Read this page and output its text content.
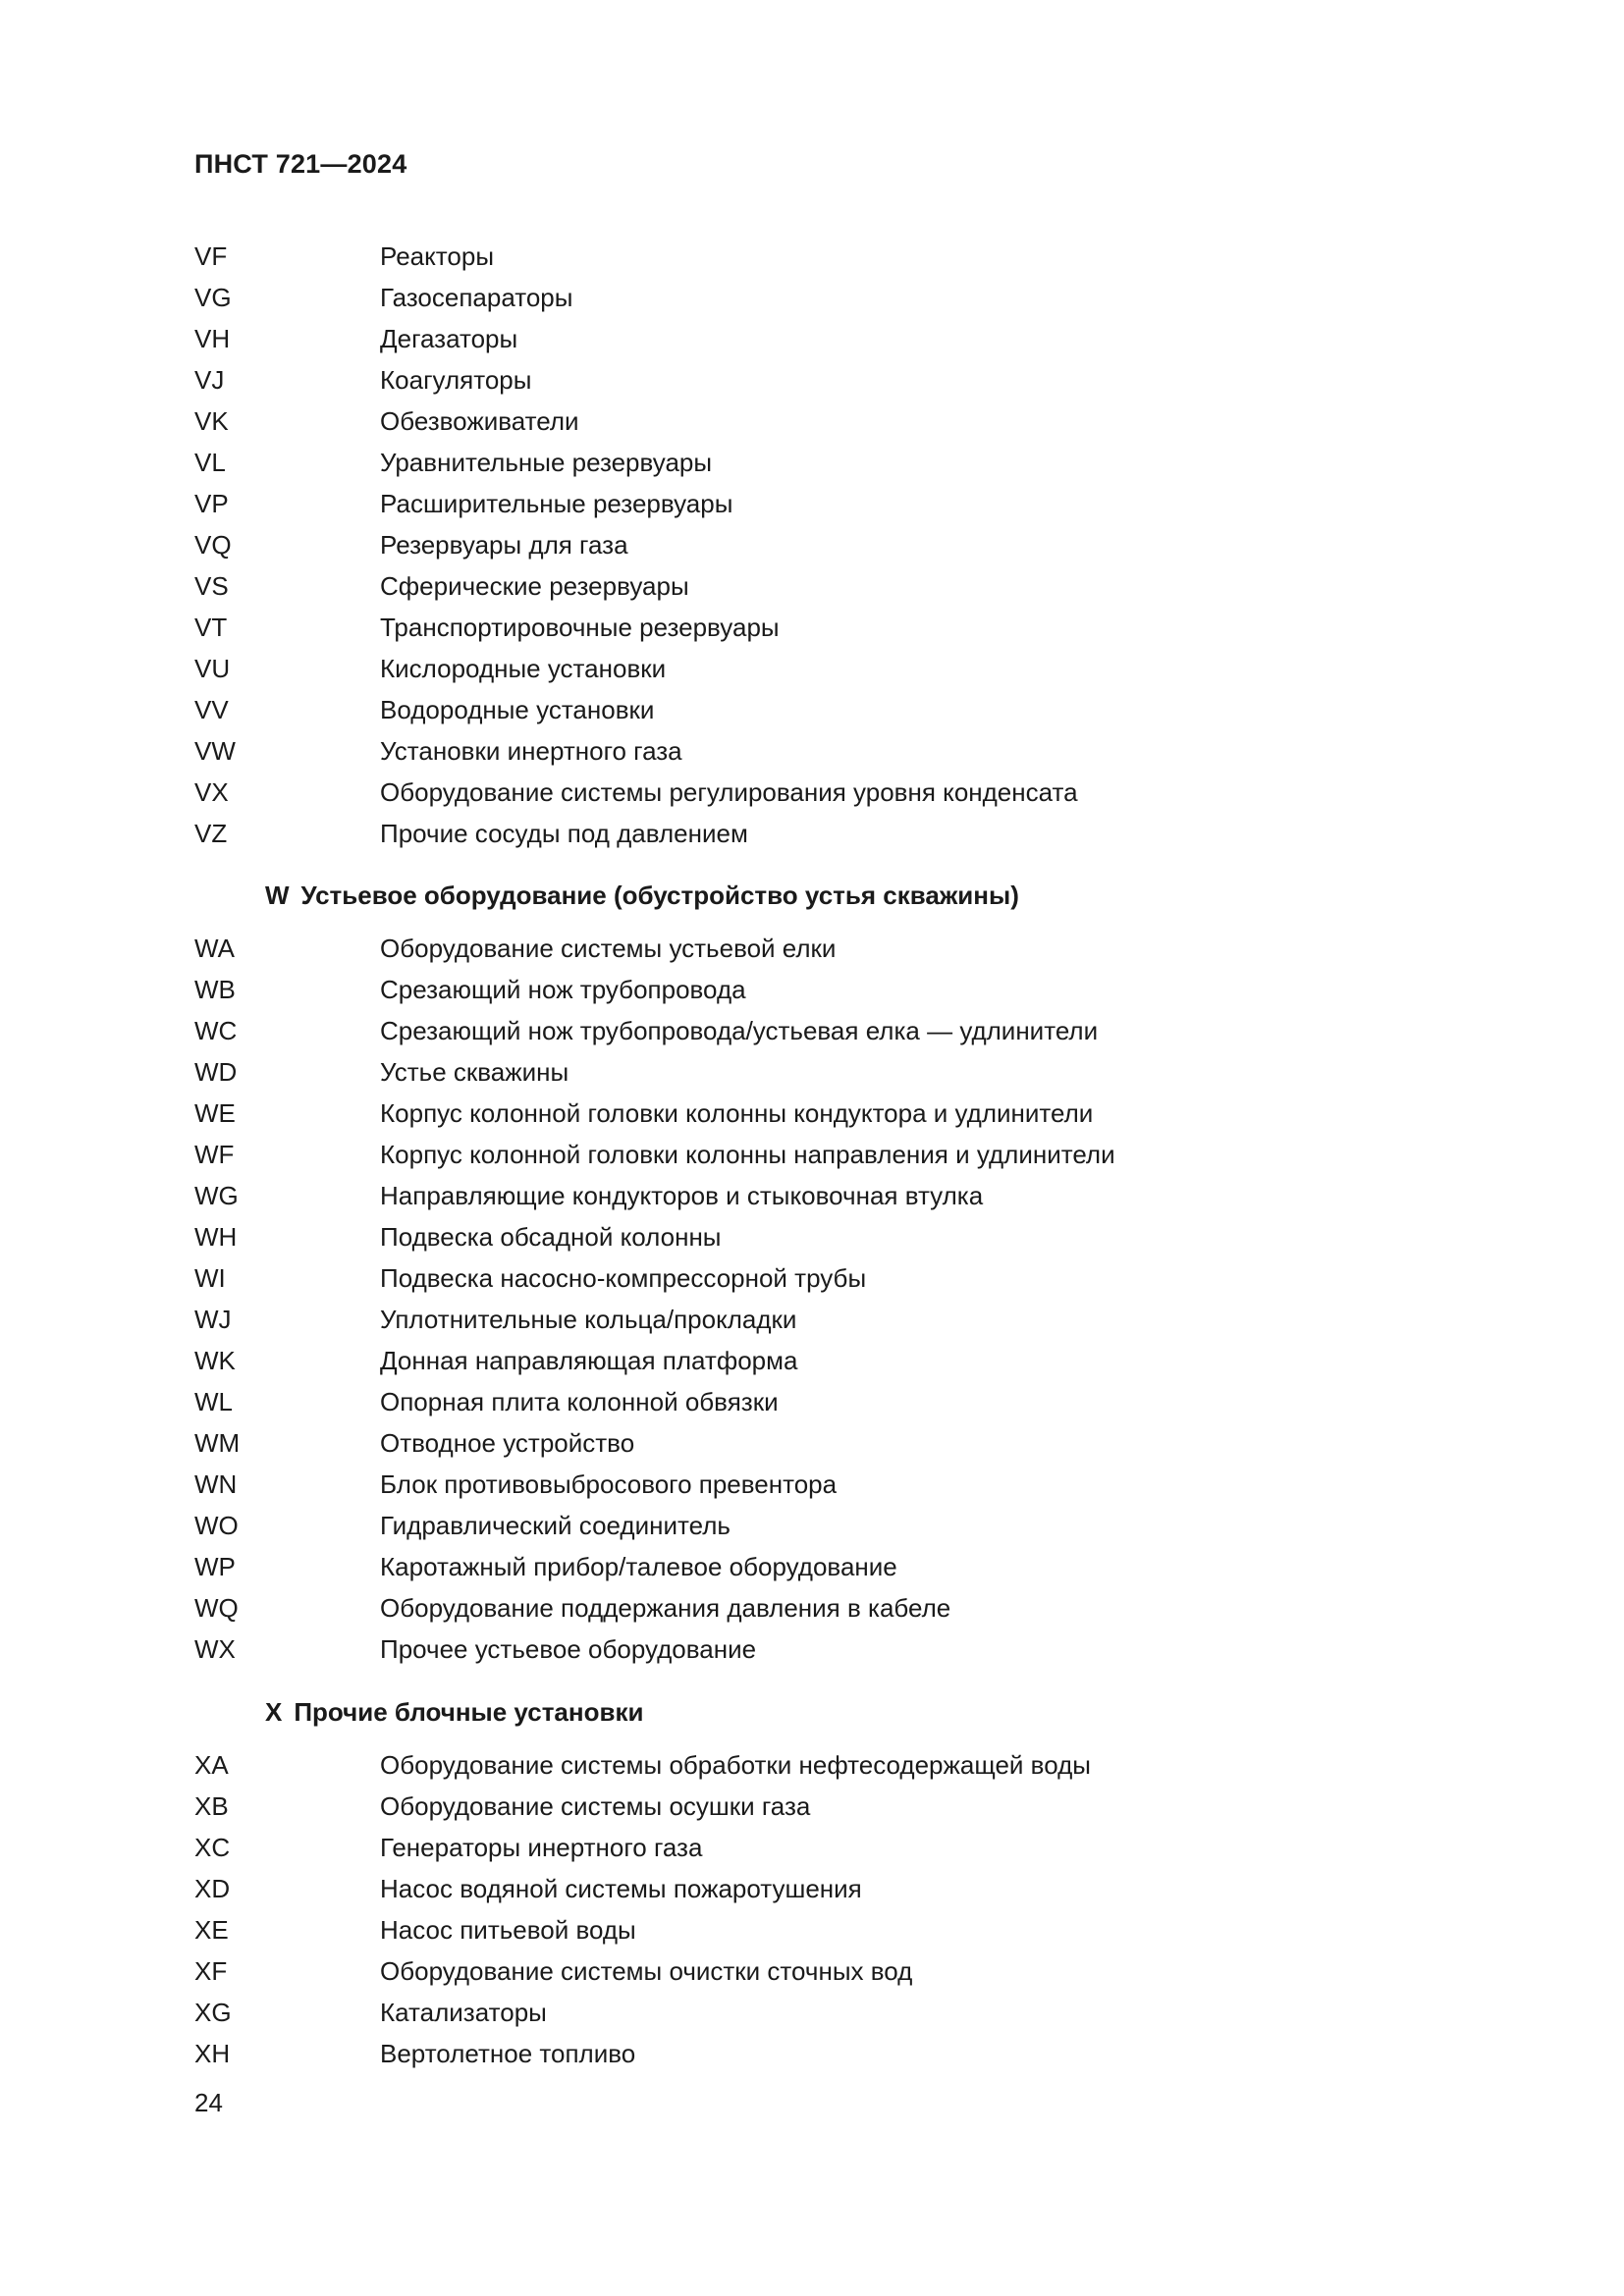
ПНСТ 721—2024
VF	Реакторы
VG	Газосепараторы
VH	Дегазаторы
VJ	Коагуляторы
VK	Обезвоживатели
VL	Уравнительные резервуары
VP	Расширительные резервуары
VQ	Резервуары для газа
VS	Сферические резервуары
VT	Транспортировочные резервуары
VU	Кислородные установки
VV	Водородные установки
VW	Установки инертного газа
VX	Оборудование системы регулирования уровня конденсата
VZ	Прочие сосуды под давлением
W Устьевое оборудование (обустройство устья скважины)
WA	Оборудование системы устьевой елки
WB	Срезающий нож трубопровода
WC	Срезающий нож трубопровода/устьевая елка — удлинители
WD	Устье скважины
WE	Корпус колонной головки колонны кондуктора и удлинители
WF	Корпус колонной головки колонны направления и удлинители
WG	Направляющие кондукторов и стыковочная втулка
WH	Подвеска обсадной колонны
WI	Подвеска насосно-компрессорной трубы
WJ	Уплотнительные кольца/прокладки
WK	Донная направляющая платформа
WL	Опорная плита колонной обвязки
WM	Отводное устройство
WN	Блок противовыбросового превентора
WO	Гидравлический соединитель
WP	Каротажный прибор/талевое оборудование
WQ	Оборудование поддержания давления в кабеле
WX	Прочее устьевое оборудование
X Прочие блочные установки
XA	Оборудование системы обработки нефтесодержащей воды
XB	Оборудование системы осушки газа
XC	Генераторы инертного газа
XD	Насос водяной системы пожаротушения
XE	Насос питьевой воды
XF	Оборудование системы очистки сточных вод
XG	Катализаторы
XH	Вертолетное топливо
24
